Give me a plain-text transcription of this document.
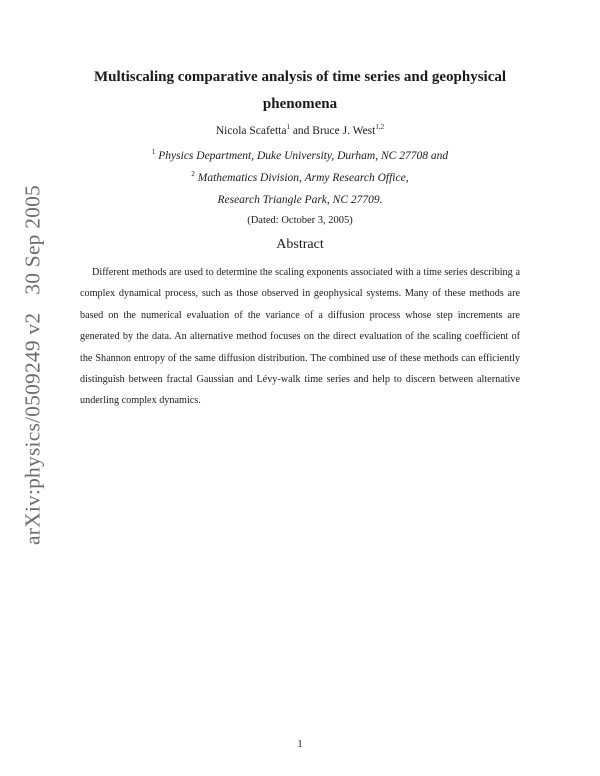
arXiv:physics/0509249 v230 Sep 2005
Multiscaling comparative analysis of time series and geophysical phenomena
Nicola Scafetta$^1$ and Bruce J. West$^{1,2}$
$^1$ Physics Department, Duke University, Durham, NC 27708 and
$^2$ Mathematics Division, Army Research Office,
Research Triangle Park, NC 27709.
(Dated: October 3, 2005)
Abstract
Different methods are used to determine the scaling exponents associated with a time series describing a complex dynamical process, such as those observed in geophysical systems. Many of these methods are based on the numerical evaluation of the variance of a diffusion process whose step increments are generated by the data. An alternative method focuses on the direct evaluation of the scaling coefficient of the Shannon entropy of the same diffusion distribution. The combined use of these methods can efficiently distinguish between fractal Gaussian and Lévy-walk time series and help to discern between alternative underling complex dynamics.
1
